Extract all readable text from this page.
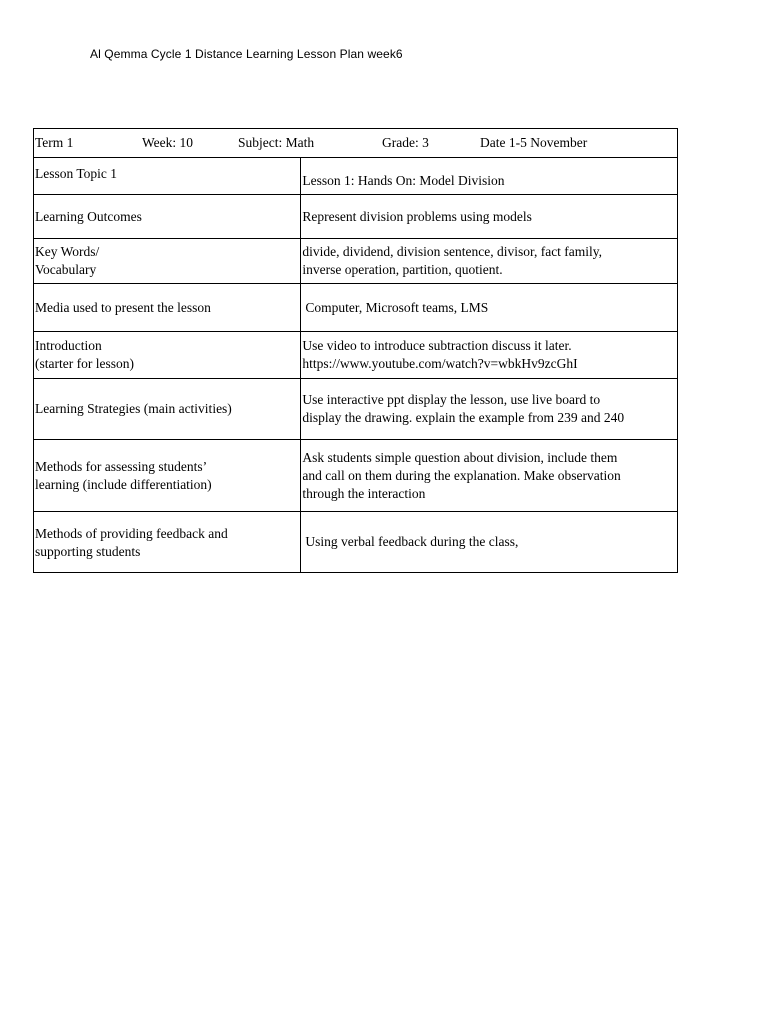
Al Qemma Cycle 1 Distance Learning Lesson Plan week6
Term 1 Week: 10 Subject: Math Grade: 3 Date 1-5 November	

Lesson Topic 1	Lesson 1: Hands On: Model Division

Learning Outcomes	Represent division problems using models

Key Words/
Vocabulary	divide, dividend, division sentence, divisor, fact family,
inverse operation, partition, quotient.

Media used to present the lesson	Computer, Microsoft teams, LMS

Introduction
(starter for lesson)	Use video to introduce subtraction discuss it later.
https://www.youtube.com/watch?v=wbkHv9zcGhI

Learning Strategies (main activities)	Use interactive ppt display the lesson, use live board to
display the drawing. explain the example from 239 and 240

Methods for assessing students’
learning (include differentiation)	Ask students simple question about division, include them
and call on them during the explanation. Make observation
through the interaction

Methods of providing feedback and
supporting students	Using verbal feedback during the class,
